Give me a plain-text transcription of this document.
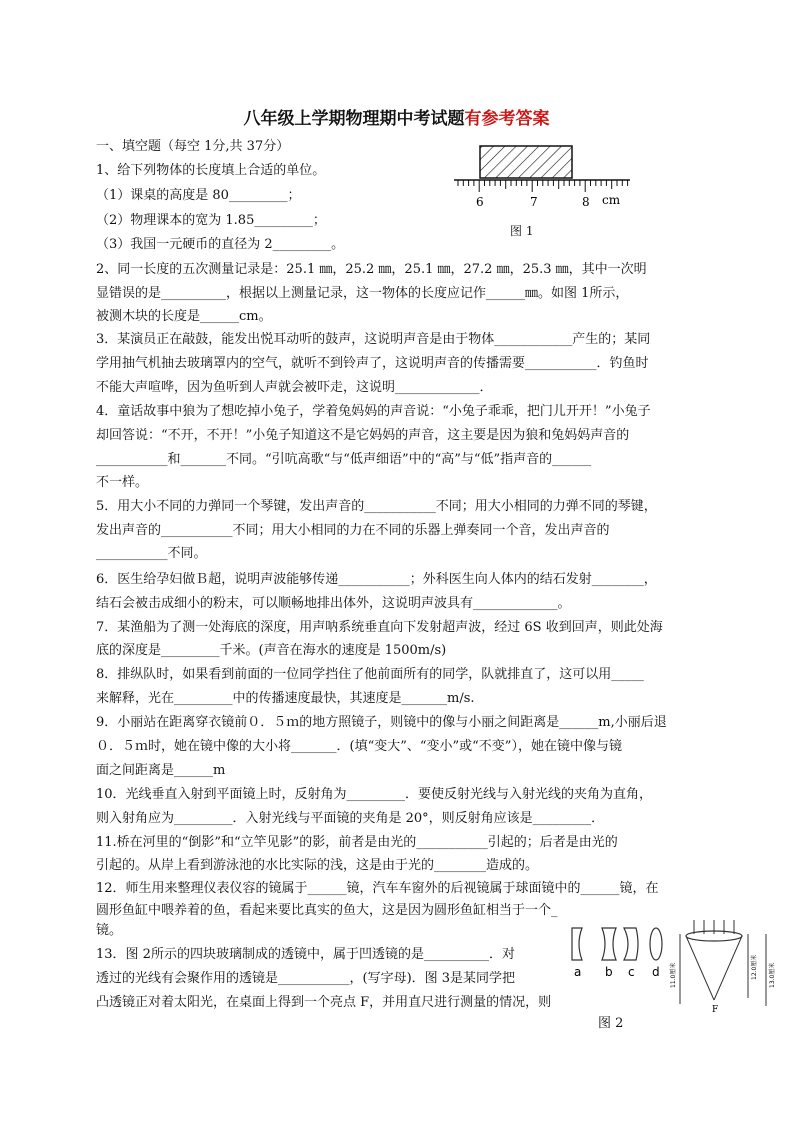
八年级上学期物理期中考试题有参考答案
一、填空题（每空 1分,共 37分）
1、给下列物体的长度填上合适的单位。
（1）课桌的高度是 80_________；
（2）物理课本的宽为 1.85_________；
（3）我国一元硬币的直径为 2_________。
2、同一长度的五次测量记录是：25.1 ㎜，25.2 ㎜，25.1 ㎜，27.2 ㎜，25.3 ㎜，其中一次明
显错误的是__________，根据以上测量记录，这一物体的长度应记作______㎜。如图 1所示，
被测木块的长度是______cm。
3．某演员正在敲鼓，能发出悦耳动听的鼓声，这说明声音是由于物体____________产生的；某同
学用抽气机抽去玻璃罩内的空气，就听不到铃声了，这说明声音的传播需要___________．钓鱼时
不能大声喧哗，因为鱼听到人声就会被吓走，这说明_____________．
4．童话故事中狼为了想吃掉小兔子，学着兔妈妈的声音说：“小兔子乖乖，把门儿开开！”小兔子
却回答说：“不开，不开！”小兔子知道这不是它妈妈的声音，这主要是因为狼和兔妈妈声音的
___________和_______不同。“引吭高歌“与“低声细语”中的“高”与“低”指声音的______
不一样。
5．用大小不同的力弹同一个琴键，发出声音的___________不同；用大小相同的力弹不同的琴键，
发出声音的___________不同；用大小相同的力在不同的乐器上弹奏同一个音，发出声音的
___________不同。
6．医生给孕妇做Ｂ超，说明声波能够传递___________；外科医生向人体内的结石发射________，
结石会被击成细小的粉末，可以顺畅地排出体外，这说明声波具有_____________。
7．某渔船为了测一处海底的深度，用声呐系统垂直向下发射超声波，经过 6S 收到回声，则此处海
底的深度是_________千米。(声音在海水的速度是 1500m/s)
8．排纵队时，如果看到前面的一位同学挡住了他前面所有的同学，队就排直了，这可以用_____
来解释，光在_________中的传播速度最快，其速度是_______m/s.
9．小丽站在距离穿衣镜前０．５ｍ的地方照镜子，则镜中的像与小丽之间距离是______m,小丽后退
０．５ｍ时，她在镜中像的大小将_______．(填“变大”、“变小”或“不变”），她在镜中像与镜
面之间距离是______m
10．光线垂直入射到平面镜上时，反射角为_________．要使反射光线与入射光线的夹角为直角，
则入射角应为_________．入射光线与平面镜的夹角是 20°，则反射角应该是_________．
11.桥在河里的“倒影”和“立竿见影”的影，前者是由光的___________引起的；后者是由光的
引起的。从岸上看到游泳池的水比实际的浅，这是由于光的________造成的。
12．师生用来整理仪表仪容的镜属于______镜，汽车车窗外的后视镜属于球面镜中的______镜，在
圆形鱼缸中喂养着的鱼，看起来要比真实的鱼大，这是因为圆形鱼缸相当于一个_
镜。
13．图 2所示的四块玻璃制成的透镜中，属于凹透镜的是__________．对
透过的光线有会聚作用的透镜是___________，(写字母)．图 3是某同学把
凸透镜正对着太阳光，在桌面上得到一个亮点 F，并用直尺进行测量的情况，则
6	7	8 cm
图 1
a b c d
F
11.0厘米	12.0厘米 13.0厘米
图 2
